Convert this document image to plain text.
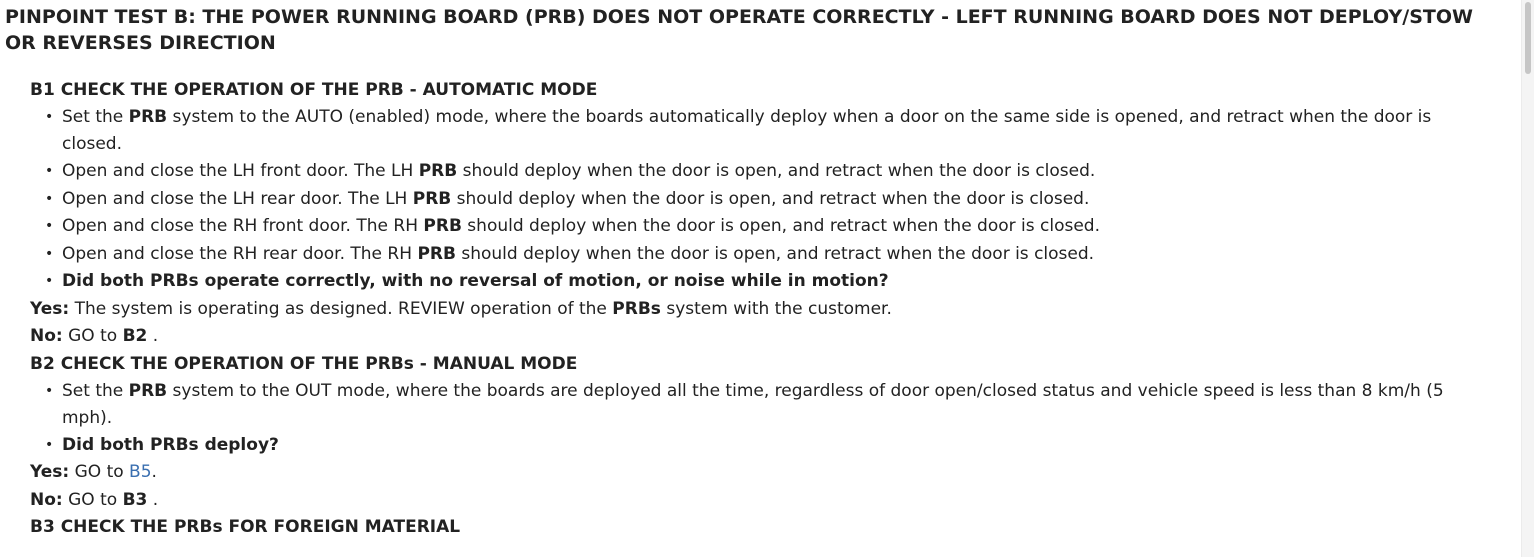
PINPOINT TEST B: THE POWER RUNNING BOARD (PRB) DOES NOT OPERATE CORRECTLY - LEFT RUNNING BOARD DOES NOT DEPLOY/STOW OR REVERSES DIRECTION
B1 CHECK THE OPERATION OF THE PRB - AUTOMATIC MODE
• Set the PRB system to the AUTO (enabled) mode, where the boards automatically deploy when a door on the same side is opened, and retract when the door is closed.
• Open and close the LH front door. The LH PRB should deploy when the door is open, and retract when the door is closed.
• Open and close the LH rear door. The LH PRB should deploy when the door is open, and retract when the door is closed.
• Open and close the RH front door. The RH PRB should deploy when the door is open, and retract when the door is closed.
• Open and close the RH rear door. The RH PRB should deploy when the door is open, and retract when the door is closed.
• Did both PRBs operate correctly, with no reversal of motion, or noise while in motion?
Yes: The system is operating as designed. REVIEW operation of the PRBs system with the customer.
No: GO to B2 .
B2 CHECK THE OPERATION OF THE PRBs - MANUAL MODE
• Set the PRB system to the OUT mode, where the boards are deployed all the time, regardless of door open/closed status and vehicle speed is less than 8 km/h (5 mph).
• Did both PRBs deploy?
Yes: GO to B5.
No: GO to B3 .
B3 CHECK THE PRBs FOR FOREIGN MATERIAL
